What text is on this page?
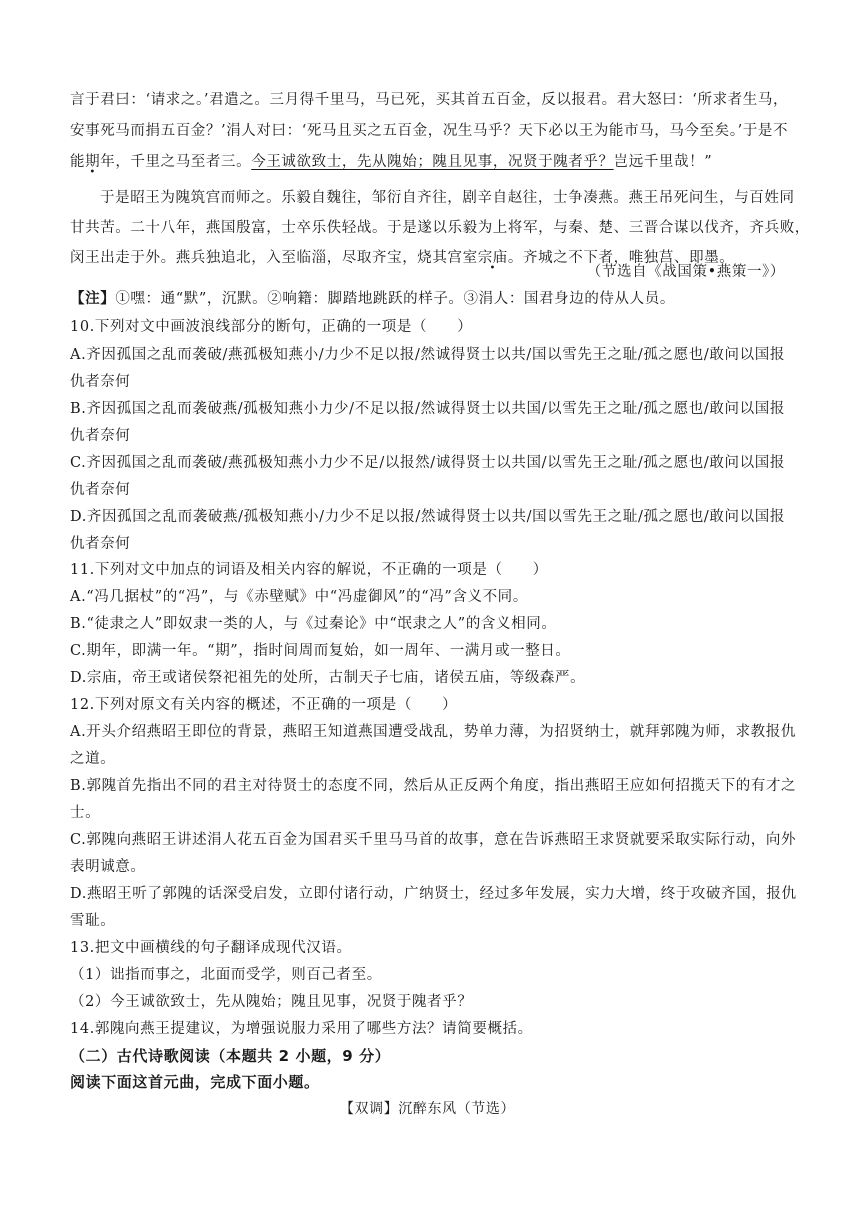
言于君曰：‘请求之。’君遣之。三月得千里马，马已死，买其首五百金，反以报君。君大怒曰：‘所求者生马，
安事死马而捐五百金？’涓人对曰：‘死马且买之五百金，况生马乎？天下必以王为能市马，马今至矣。’于是不
能期年，千里之马至者三。今王诚欲致士，先从隗始；隗且见事，况贤于隗者乎？岂远千里哉！”
于是昭王为隗筑宫而师之。乐毅自魏往，邹衍自齐往，剧辛自赵往，士争凑燕。燕王吊死问生，与百姓同
甘共苦。二十八年，燕国殷富，士卒乐佚轻战。于是遂以乐毅为上将军，与秦、楚、三晋合谋以伐齐，齐兵败，
闵王出走于外。燕兵独追北，入至临淄，尽取齐宝，烧其宫室宗庙。齐城之不下者，唯独莒、即墨。
（节选自《战国策•燕策一》）
【注】①嘿：通“默”，沉默。②响籍：脚踏地跳跃的样子。③涓人：国君身边的侍从人员。
10.下列对文中画波浪线部分的断句，正确的一项是（　　）
A.齐因孤国之乱而袭破/燕孤极知燕小/力少不足以报/然诚得贤士以共/国以雪先王之耻/孤之愿也/敢问以国报
仇者奈何
B.齐因孤国之乱而袭破燕/孤极知燕小力少/不足以报/然诚得贤士以共国/以雪先王之耻/孤之愿也/敢问以国报
仇者奈何
C.齐因孤国之乱而袭破/燕孤极知燕小力少不足/以报然/诚得贤士以共国/以雪先王之耻/孤之愿也/敢问以国报
仇者奈何
D.齐因孤国之乱而袭破燕/孤极知燕小/力少不足以报/然诚得贤士以共/国以雪先王之耻/孤之愿也/敢问以国报
仇者奈何
11.下列对文中加点的词语及相关内容的解说，不正确的一项是（　　）
A.“冯几据杖”的“冯”，与《赤壁赋》中“冯虚御风”的“冯”含义不同。
B.“徒隶之人”即奴隶一类的人，与《过秦论》中“氓隶之人”的含义相同。
C.期年，即满一年。“期”，指时间周而复始，如一周年、一满月或一整日。
D.宗庙，帝王或诸侯祭祀祖先的处所，古制天子七庙，诸侯五庙，等级森严。
12.下列对原文有关内容的概述，不正确的一项是（　　）
A.开头介绍燕昭王即位的背景，燕昭王知道燕国遭受战乱，势单力薄，为招贤纳士，就拜郭隗为师，求教报仇
之道。
B.郭隗首先指出不同的君主对待贤士的态度不同，然后从正反两个角度，指出燕昭王应如何招揽天下的有才之
士。
C.郭隗向燕昭王讲述涓人花五百金为国君买千里马马首的故事，意在告诉燕昭王求贤就要采取实际行动，向外
表明诚意。
D.燕昭王听了郭隗的话深受启发，立即付诸行动，广纳贤士，经过多年发展，实力大增，终于攻破齐国，报仇
雪耻。
13.把文中画横线的句子翻译成现代汉语。
（1）诎指而事之，北面而受学，则百己者至。
（2）今王诚欲致士，先从隗始；隗且见事，况贤于隗者乎？
14.郭隗向燕王提建议，为增强说服力采用了哪些方法？请简要概括。
（二）古代诗歌阅读（本题共 2 小题，9 分）
阅读下面这首元曲，完成下面小题。
【双调】沉醉东风（节选）
